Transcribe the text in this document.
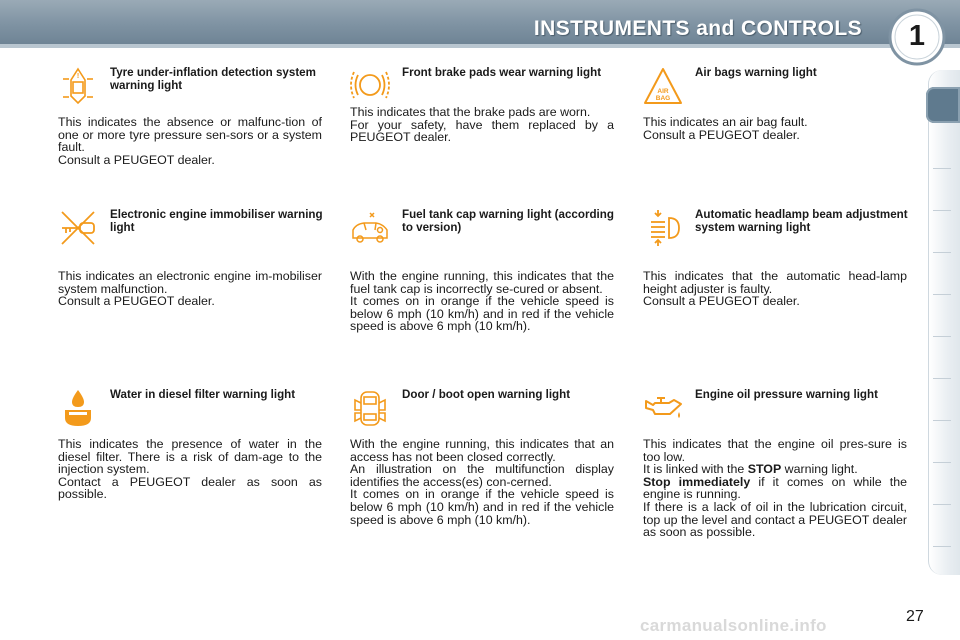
INSTRUMENTS and CONTROLS	1
!	Tyre under-inflation detection system warning light

This indicates the absence or malfunc-tion of one or more tyre pressure sen-sors or a system fault.

Consult a PEUGEOT dealer.

Front brake pads wear warning light

This indicates that the brake pads are worn.

For your safety, have them replaced by a PEUGEOT dealer.

AIR
BAG
Air bags warning light

This indicates an air bag fault.

Consult a PEUGEOT dealer.

Electronic engine immobiliser warning light

This indicates an electronic engine im-mobiliser system malfunction.

Consult a PEUGEOT dealer.

Fuel tank cap warning light (according to version)

With the engine running, this indicates that the fuel tank cap is incorrectly se-cured or absent.

It comes on in orange if the vehicle speed is below 6 mph (10 km/h) and in red if the vehicle speed is above 6 mph (10 km/h).

Automatic headlamp beam adjustment system warning light

This indicates that the automatic head-lamp height adjuster is faulty.

Consult a PEUGEOT dealer.

Water in diesel filter warning light

This indicates the presence of water in the diesel filter. There is a risk of dam-age to the injection system.

Contact a PEUGEOT dealer as soon as possible.

Door / boot open warning light

With the engine running, this indicates that an access has not been closed correctly.

An illustration on the multifunction display identifies the access(es) con-cerned.

It comes on in orange if the vehicle speed is below 6 mph (10 km/h) and in red if the vehicle speed is above 6 mph (10 km/h).

Engine oil pressure warning light

This indicates that the engine oil pres-sure is too low.

It is linked with the STOP warning light.

Stop immediately if it comes on while the engine is running.

If there is a lack of oil in the lubrication circuit, top up the level and contact a PEUGEOT dealer as soon as possible.

27

carmanualsonline.info
